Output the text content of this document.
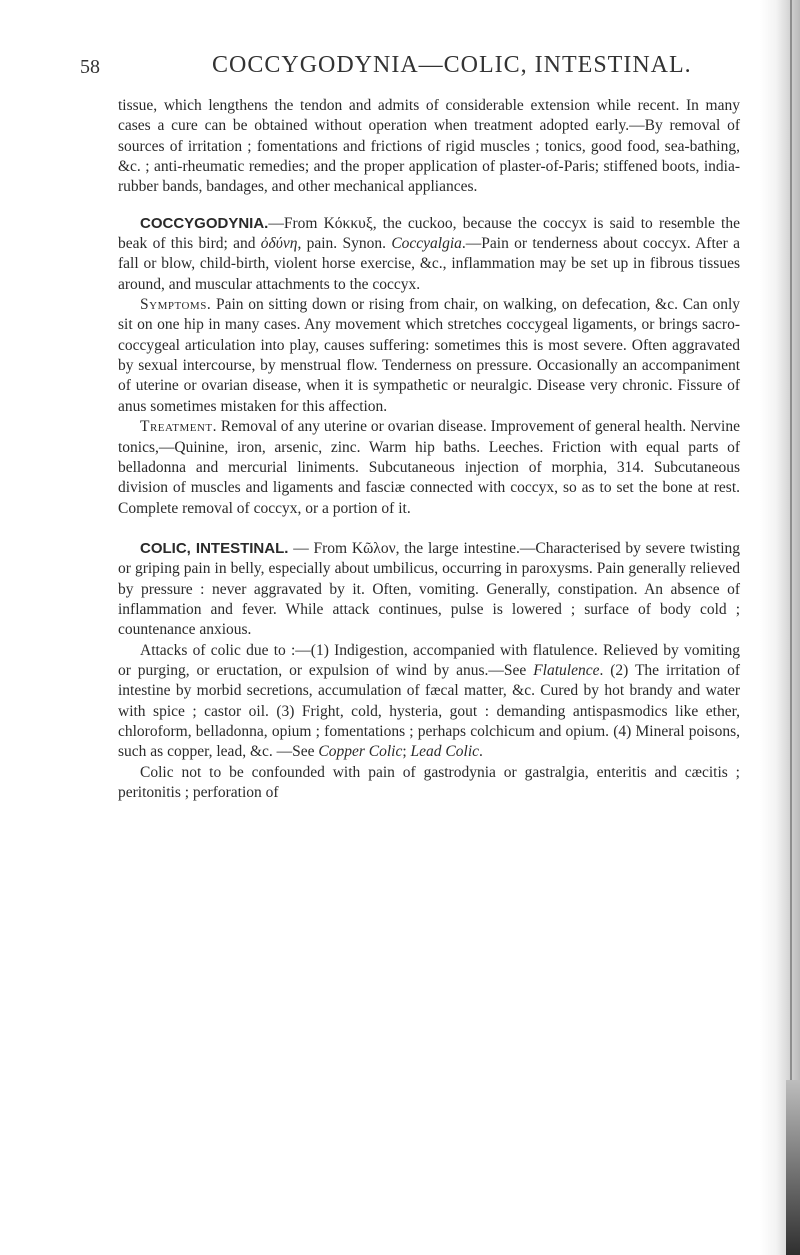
58	COCCYGODYNIA—COLIC, INTESTINAL.

tissue, which lengthens the tendon and admits of considerable extension while recent. In many cases a cure can be obtained without operation when treatment adopted early.—By removal of sources of irritation ; fomentations and frictions of rigid muscles ; tonics, good food, sea-bathing, &c. ; anti-rheumatic remedies; and the proper application of plaster-of-Paris; stiffened boots, india-rubber bands, bandages, and other mechanical appliances.

COCCYGODYNIA.—From Κόκκυξ, the cuckoo, because the coccyx is said to resemble the beak of this bird; and ὀδύνη, pain. Synon. Coccyalgia.—Pain or tenderness about coccyx. After a fall or blow, child-birth, violent horse exercise, &c., inflammation may be set up in fibrous tissues around, and muscular attachments to the coccyx.

Symptoms. Pain on sitting down or rising from chair, on walking, on defecation, &c. Can only sit on one hip in many cases. Any movement which stretches coccygeal ligaments, or brings sacro-coccygeal articulation into play, causes suffering: sometimes this is most severe. Often aggravated by sexual intercourse, by menstrual flow. Tenderness on pressure. Occasionally an accompaniment of uterine or ovarian disease, when it is sympathetic or neuralgic. Disease very chronic. Fissure of anus sometimes mistaken for this affection.

Treatment. Removal of any uterine or ovarian disease. Improvement of general health. Nervine tonics,—Quinine, iron, arsenic, zinc. Warm hip baths. Leeches. Friction with equal parts of belladonna and mercurial liniments. Subcutaneous injection of morphia, 314. Subcutaneous division of muscles and ligaments and fasciæ connected with coccyx, so as to set the bone at rest. Complete removal of coccyx, or a portion of it.

COLIC, INTESTINAL. — From Κῶλον, the large intestine.—Characterised by severe twisting or griping pain in belly, especially about umbilicus, occurring in paroxysms. Pain generally relieved by pressure : never aggravated by it. Often, vomiting. Generally, constipation. An absence of inflammation and fever. While attack continues, pulse is lowered ; surface of body cold ; countenance anxious.

Attacks of colic due to :—(1) Indigestion, accompanied with flatulence. Relieved by vomiting or purging, or eructation, or expulsion of wind by anus.—See Flatulence. (2) The irritation of intestine by morbid secretions, accumulation of fæcal matter, &c. Cured by hot brandy and water with spice ; castor oil. (3) Fright, cold, hysteria, gout : demanding antispasmodics like ether, chloroform, belladonna, opium ; fomentations ; perhaps colchicum and opium. (4) Mineral poisons, such as copper, lead, &c. —See Copper Colic; Lead Colic.

Colic not to be confounded with pain of gastrodynia or gastralgia, enteritis and cæcitis ; peritonitis ; perforation of
